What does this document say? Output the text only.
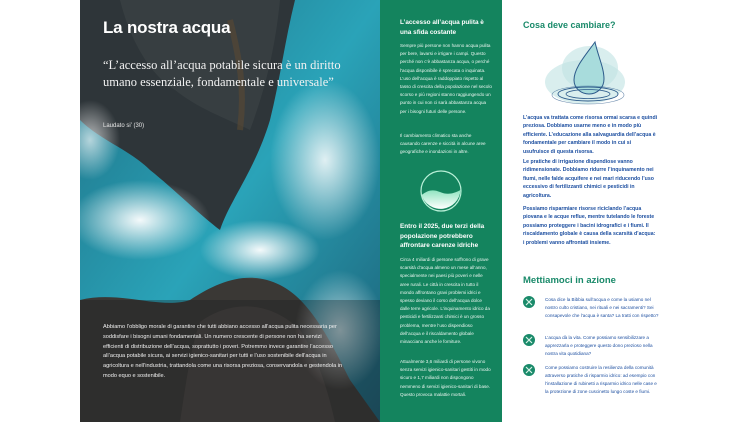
La nostra acqua
“L’accesso all’acqua potabile sicura è un diritto umano essenziale, fondamentale e universale”
Laudato si’ (30)
Abbiamo l’obbligo morale di garantire che tutti abbiano accesso all’acqua pulita necessaria per soddisfare i bisogni umani fondamentali. Un numero crescente di persone non ha servizi efficienti di distribuzione dell’acqua, soprattutto i poveri. Potremmo invece garantire l’accesso all’acqua potabile sicura, ai servizi igienico-sanitari per tutti e l’uso sostenibile dell’acqua in agricoltura e nell’industria, trattandola come una risorsa preziosa, conservandola e gestendola in modo equo e sostenibile.
L’accesso all’acqua pulita è una sfida costante
Sempre più persone non hanno acqua pulita per bere, lavarsi e irrigare i campi. Questo perché non c’è abbastanza acqua, o perché l’acqua disponibile è sprecata o inquinata. L’uso dell’acqua è raddoppiato rispetto al tasso di crescita della popolazione nel secolo scorso e più regioni stanno raggiungendo un punto in cui non ci sarà abbastanza acqua per i bisogni futuri delle persone.
Il cambiamento climatico sta anche causando carenze e siccità in alcune aree geografiche e inondazioni in altre.
Entro il 2025, due terzi della popolazione potrebbero affrontare carenze idriche
Circa 4 miliardi di persone soffrono di grave scarsità d’acqua almeno un mese all’anno, specialmente nei paesi più poveri e nelle aree rurali. Le città in crescita in tutto il mondo affrontano gravi problemi idrici e spesso deviano il corso dell’acqua dolce dalle terre agricole. L’inquinamento idrico da pesticidi e fertilizzanti chimici è un grosso problema, mentre l’uso dispendioso dell’acqua e il riscaldamento globale minacciano anche le forniture.
Attualmente 3,6 miliardi di persone vivono senza servizi igienico-sanitari gestiti in modo sicuro e 1,7 miliardi non dispongono nemmeno di servizi igienico-sanitari di base. Questo provoca malattie mortali.
Cosa deve cambiare?
L’acqua va trattata come risorsa ormai scarsa e quindi preziosa. Dobbiamo usarne meno e in modo più efficiente. L’educazione alla salvaguardia dell’acqua è fondamentale per cambiare il modo in cui si usufruisce di questa risorsa.
Le pratiche di irrigazione dispendiose vanno ridimensionate. Dobbiamo ridurre l’inquinamento nei fiumi, nelle falde acquifere e nei mari riducendo l’uso eccessivo di fertilizzanti chimici e pesticidi in agricoltura.
Possiamo risparmiare risorse riciclando l’acqua piovana e le acque reflue, mentre tutelando le foreste possiamo proteggere i bacini idrografici e i fiumi. Il riscaldamento globale è causa della scarsità d’acqua: i problemi vanno affrontati insieme.
Mettiamoci in azione
Cosa dice la Bibbia sull’acqua e come la usiamo nel nostro culto cristiano, nei rituali e nei sacramenti? Sei consapevole che l’acqua è santa? La tratti con rispetto?
L’acqua dà la vita. Come possiamo sensibilizzare a apprezzarla e proteggere questo dono prezioso nella nostra vita quotidiana?
Come possiamo costruire la resilienza della comunità attraverso pratiche di risparmio idrico: ad esempio con l’installazione di rubinetti a risparmio idrico nelle case e la protezione di zone cuscinetto lungo coste e fiumi.
